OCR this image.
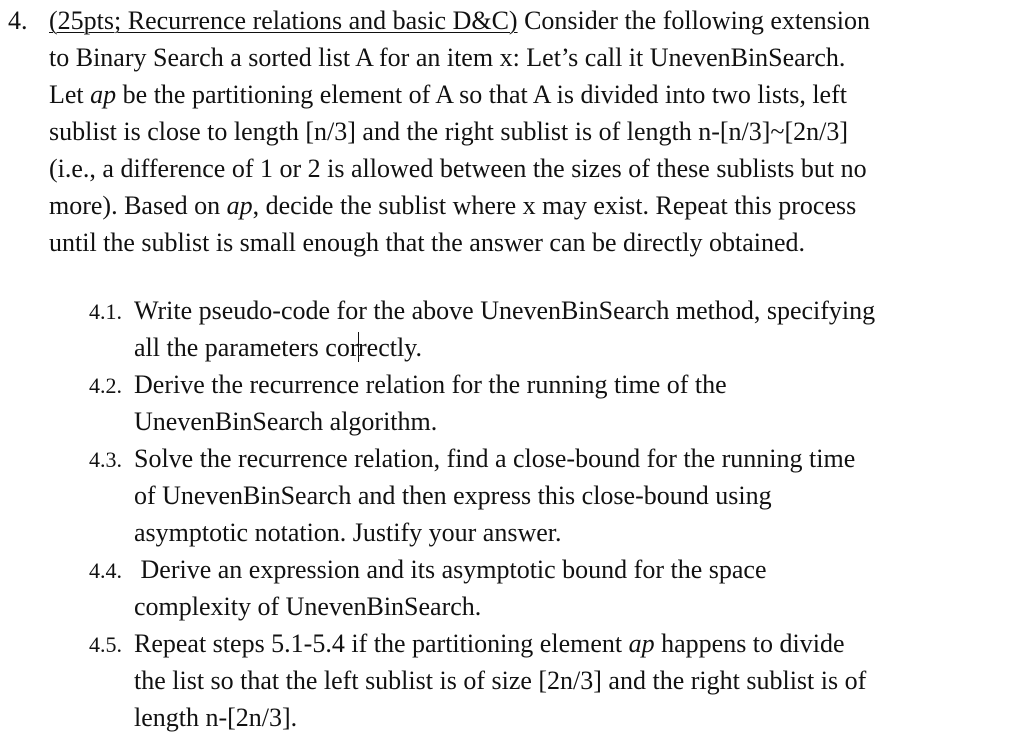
4. (25pts; Recurrence relations and basic D&C) Consider the following extension
to Binary Search a sorted list A for an item x: Let’s call it UnevenBinSearch.
Let ap be the partitioning element of A so that A is divided into two lists, left
sublist is close to length [n/3] and the right sublist is of length n-[n/3]~[2n/3]
(i.e., a difference of 1 or 2 is allowed between the sizes of these sublists but no
more). Based on ap, decide the sublist where x may exist. Repeat this process
until the sublist is small enough that the answer can be directly obtained.
4.1. Write pseudo-code for the above UnevenBinSearch method, specifying
all the parameters correctly.
4.2. Derive the recurrence relation for the running time of the
UnevenBinSearch algorithm.
4.3. Solve the recurrence relation, find a close-bound for the running time
of UnevenBinSearch and then express this close-bound using
asymptotic notation. Justify your answer.
4.4. Derive an expression and its asymptotic bound for the space
complexity of UnevenBinSearch.
4.5. Repeat steps 5.1-5.4 if the partitioning element ap happens to divide
the list so that the left sublist is of size [2n/3] and the right sublist is of
length n-[2n/3].
